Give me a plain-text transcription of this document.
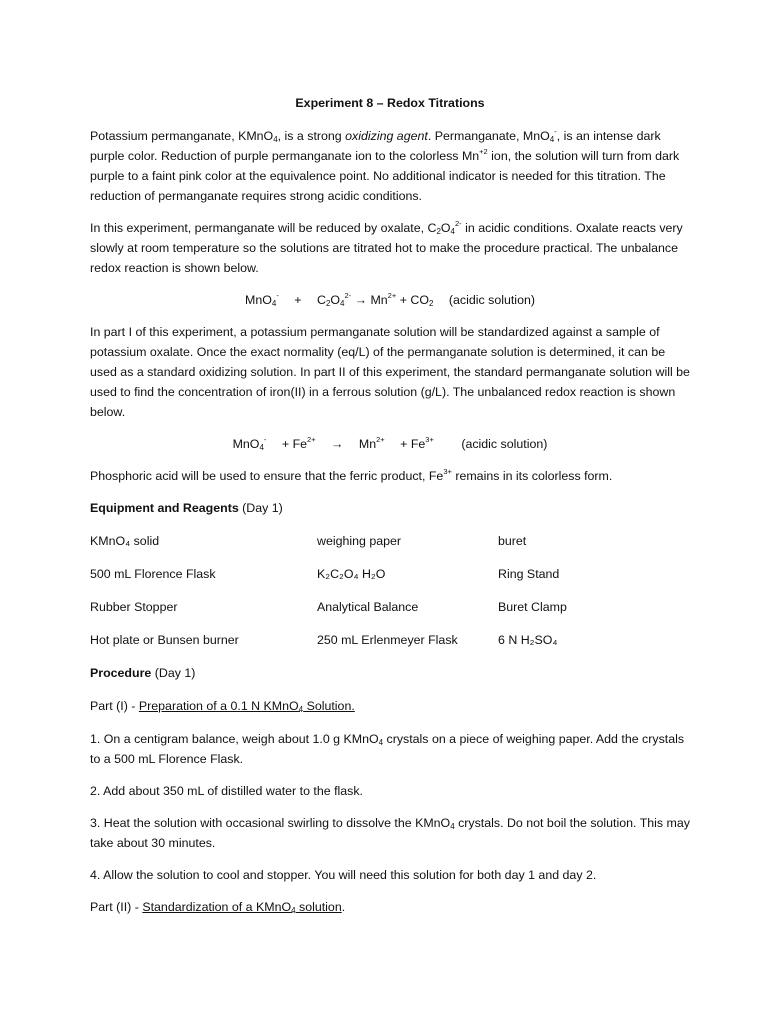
Experiment 8 – Redox Titrations

Potassium permanganate, KMnO$_4$, is a strong oxidizing agent. Permanganate, MnO$_4$-, is an intense dark purple color. Reduction of purple permanganate ion to the colorless $Mn^{+2}$ ion, the solution will turn from dark purple to a faint pink color at the equivalence point. No additional indicator is needed for this titration. The reduction of permanganate requires strong acidic conditions.

In this experiment, permanganate will be reduced by oxalate, $C_2O_4^{2-}$ in acidic conditions. Oxalate reacts very slowly at room temperature so the solutions are titrated hot to make the procedure practical. The unbalance redox reaction is shown below.

MnO4- + C2O42- → Mn2+ + CO2 (acidic solution)

In part I of this experiment, a potassium permanganate solution will be standardized against a sample of potassium oxalate. Once the exact normality (eq/L) of the permanganate solution is determined, it can be used as a standard oxidizing solution. In part II of this experiment, the standard permanganate solution will be used to find the concentration of iron(II) in a ferrous solution (g/L). The unbalanced redox reaction is shown below.

MnO4- + Fe2+ → Mn2+ + Fe3+ (acidic solution)

Phosphoric acid will be used to ensure that the ferric product, $Fe^{3+}$ remains in its colorless form.

Equipment and Reagents (Day 1)

KMnO₄ solid	weighing paper	buret
500 mL Florence Flask	K₂C₂O₄ H₂O	Ring Stand
Rubber Stopper	Analytical Balance	Buret Clamp
Hot plate or Bunsen burner	250 mL Erlenmeyer Flask	6 N H₂SO₄

Procedure (Day 1)

Part (I) - Preparation of a 0.1 N KMnO$_4$ Solution.

1. On a centigram balance, weigh about 1.0 g KMnO$_4$ crystals on a piece of weighing paper. Add the crystals to a 500 mL Florence Flask.

2. Add about 350 mL of distilled water to the flask.

3. Heat the solution with occasional swirling to dissolve the KMnO$_4$ crystals. Do not boil the solution. This may take about 30 minutes.

4. Allow the solution to cool and stopper. You will need this solution for both day 1 and day 2.

Part (II) - Standardization of a KMnO$_4$ solution.
